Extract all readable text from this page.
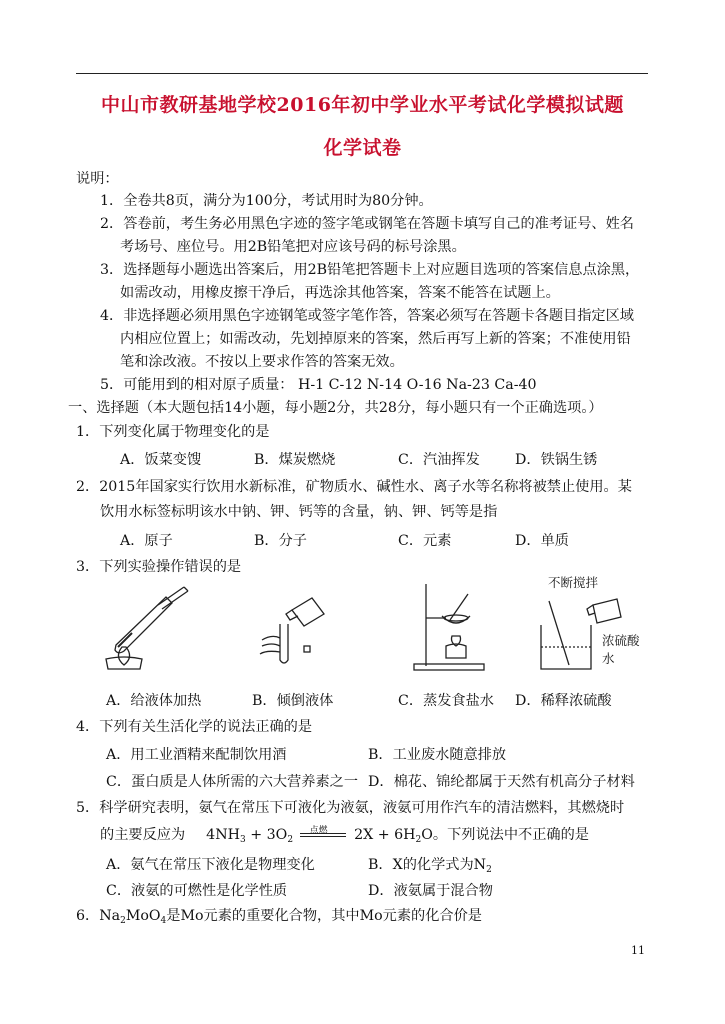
中山市教研基地学校2016年初中学业水平考试化学模拟试题
化学试卷
说明：
1．全卷共8页，满分为100分，考试用时为80分钟。
2．答卷前，考生务必用黑色字迹的签字笔或钢笔在答题卡填写自己的准考证号、姓名
考场号、座位号。用2B铅笔把对应该号码的标号涂黑。
3．选择题每小题选出答案后，用2B铅笔把答题卡上对应题目选项的答案信息点涂黑，
如需改动，用橡皮擦干净后，再选涂其他答案，答案不能答在试题上。
4．非选择题必须用黑色字迹钢笔或签字笔作答，答案必须写在答题卡各题目指定区域
内相应位置上；如需改动，先划掉原来的答案，然后再写上新的答案；不准使用铅
笔和涂改液。不按以上要求作答的答案无效。
5．可能用到的相对原子质量： H-1 C-12 N-14 O-16 Na-23 Ca-40
一、选择题（本大题包括14小题，每小题2分，共28分，每小题只有一个正确选项。）
1．下列变化属于物理变化的是
A．饭菜变馊	B．煤炭燃烧	C．汽油挥发 D．铁锅生锈
2．2015年国家实行饮用水新标准，矿物质水、碱性水、离子水等名称将被禁止使用。某
饮用水标签标明该水中钠、钾、钙等的含量，钠、钾、钙等是指
A．原子	B．分子	C．元素	D．单质
3．下列实验操作错误的是
不断搅拌
浓硫酸
水
A．给液体加热	B．倾倒液体	C．蒸发食盐水 D．稀释浓硫酸
4．下列有关生活化学的说法正确的是
A．用工业酒精来配制饮用酒	B．工业废水随意排放
C．蛋白质是人体所需的六大营养素之一 D．棉花、锦纶都属于天然有机高分子材料
5．科学研究表明，氨气在常压下可液化为液氨，液氨可用作汽车的清洁燃料，其燃烧时
的主要反应为 $4NH_3 + 3O_2$
点燃 $2X + 6H_2O$。下列说法中不正确的是
A．氨气在常压下液化是物理变化	B．X的化学式为$N_2$
C．液氨的可燃性是化学性质	D．液氨属于混合物
6．$Na_2MoO_4$是Mo元素的重要化合物，其中Mo元素的化合价是
11
